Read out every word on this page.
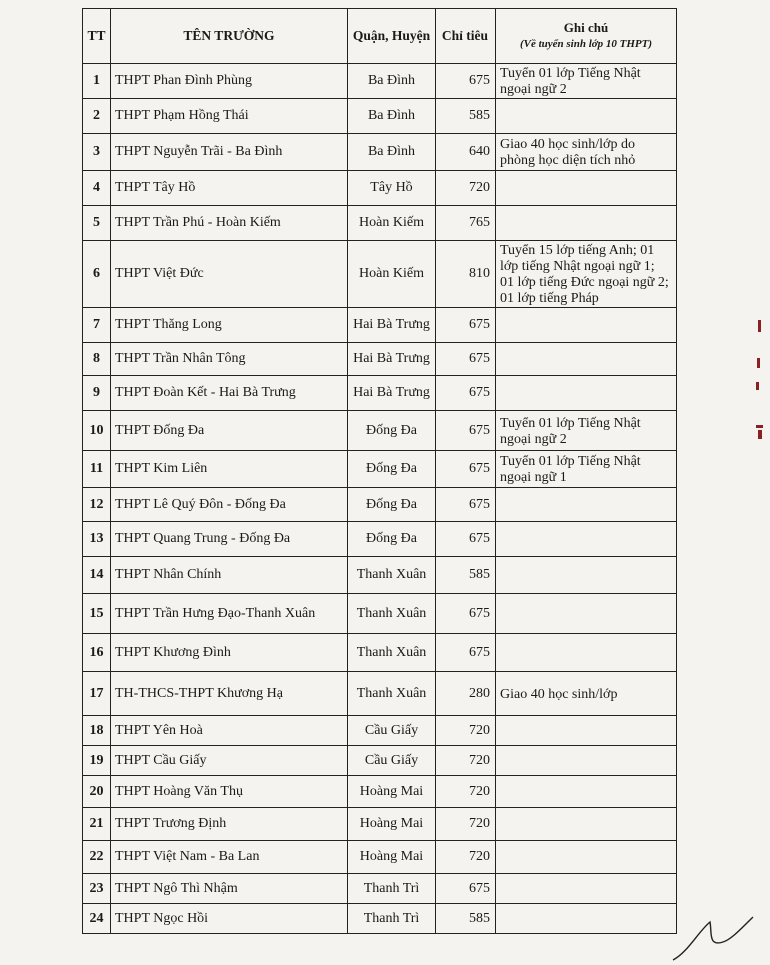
TT	TÊN TRƯỜNG	Quận, Huyện	Chỉ tiêu	Ghi chú
(Về tuyển sinh lớp 10 THPT)

1	THPT Phan Đình Phùng	Ba Đình	675	Tuyển 01 lớp Tiếng Nhật ngoại ngữ 2
2	THPT Phạm Hồng Thái	Ba Đình	585	
3	THPT Nguyễn Trãi - Ba Đình	Ba Đình	640	Giao 40 học sinh/lớp do phòng học diện tích nhỏ
4	THPT Tây Hồ	Tây Hồ	720	
5	THPT Trần Phú - Hoàn Kiếm	Hoàn Kiếm	765	
6	THPT Việt Đức	Hoàn Kiếm	810	Tuyển 15 lớp tiếng Anh; 01 lớp tiếng Nhật ngoại ngữ 1; 01 lớp tiếng Đức ngoại ngữ 2; 01 lớp tiếng Pháp
7	THPT Thăng Long	Hai Bà Trưng	675	
8	THPT Trần Nhân Tông	Hai Bà Trưng	675	
9	THPT Đoàn Kết - Hai Bà Trưng	Hai Bà Trưng	675	
10	THPT Đống Đa	Đống Đa	675	Tuyển 01 lớp Tiếng Nhật ngoại ngữ 2
11	THPT Kim Liên	Đống Đa	675	Tuyển 01 lớp Tiếng Nhật ngoại ngữ 1
12	THPT Lê Quý Đôn - Đống Đa	Đống Đa	675	
13	THPT Quang Trung - Đống Đa	Đống Đa	675	
14	THPT Nhân Chính	Thanh Xuân	585	
15	THPT Trần Hưng Đạo-Thanh Xuân	Thanh Xuân	675	
16	THPT Khương Đình	Thanh Xuân	675	
17	TH-THCS-THPT Khương Hạ	Thanh Xuân	280	Giao 40 học sinh/lớp
18	THPT Yên Hoà	Cầu Giấy	720	
19	THPT Cầu Giấy	Cầu Giấy	720	
20	THPT Hoàng Văn Thụ	Hoàng Mai	720	
21	THPT Trương Định	Hoàng Mai	720	
22	THPT Việt Nam - Ba Lan	Hoàng Mai	720	
23	THPT Ngô Thì Nhậm	Thanh Trì	675	
24	THPT Ngọc Hồi	Thanh Trì	585	
